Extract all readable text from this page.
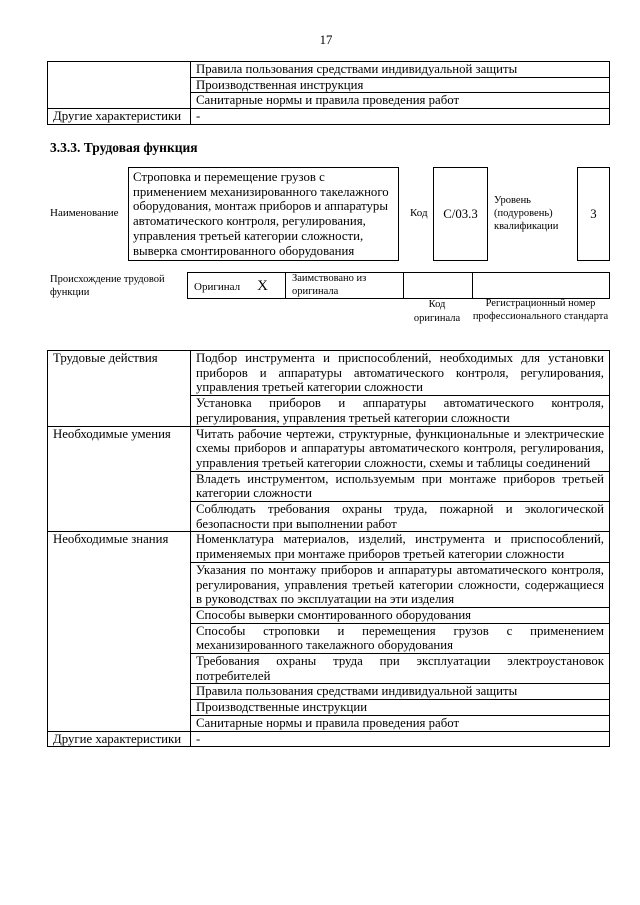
17
	Правила пользования средствами индивидуальной защиты
	Производственная инструкция
	Санитарные нормы и правила проведения работ
Другие характеристики	-
3.3.3. Трудовая функция
Наименование
Строповка и перемещение грузов с применением механизированного такелажного оборудования, монтаж приборов и аппаратуры автоматического контроля, регулирования, управления третьей категории сложности, выверка смонтированного оборудования
Код С/03.3
Уровень (подуровень) квалификации
3
Происхождение трудовой функции	Оригинал X	Заимствовано из оригинала

Код оригинала
Регистрационный номер профессионального стандарта
Трудовые действия	Подбор инструмента и приспособлений, необходимых для установки приборов и аппаратуры автоматического контроля, регулирования, управления третьей категории сложности
	Установка приборов и аппаратуры автоматического контроля, регулирования, управления третьей категории сложности
Необходимые умения	Читать рабочие чертежи, структурные, функциональные и электрические схемы приборов и аппаратуры автоматического контроля, регулирования, управления третьей категории сложности, схемы и таблицы соединений
	Владеть инструментом, используемым при монтаже приборов третьей категории сложности
	Соблюдать требования охраны труда, пожарной и экологической безопасности при выполнении работ
Необходимые знания	Номенклатура материалов, изделий, инструмента и приспособлений, применяемых при монтаже приборов третьей категории сложности
	Указания по монтажу приборов и аппаратуры автоматического контроля, регулирования, управления третьей категории сложности, содержащиеся в руководствах по эксплуатации на эти изделия
	Способы выверки смонтированного оборудования
	Способы строповки и перемещения грузов с применением механизированного такелажного оборудования
	Требования охраны труда при эксплуатации электроустановок потребителей
	Правила пользования средствами индивидуальной защиты
	Производственные инструкции
	Санитарные нормы и правила проведения работ
Другие характеристики	-
